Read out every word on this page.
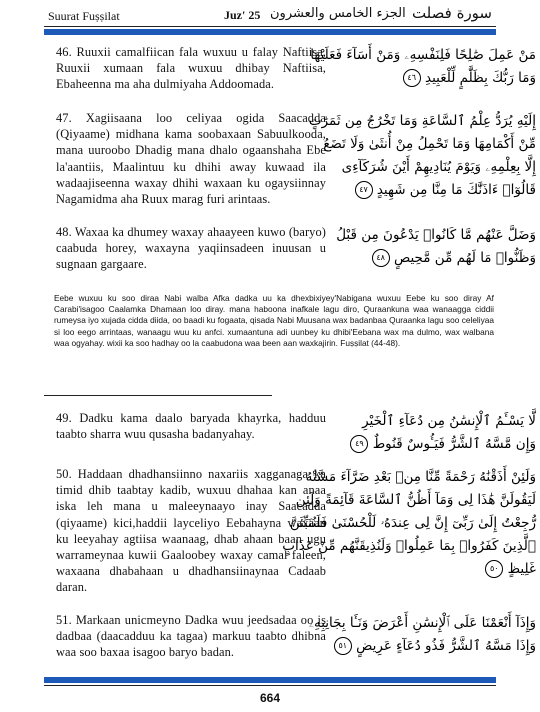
Suurat Fuṣṣilat	Juz' 25 الجزء الخامس والعشرون سورة فصلت
46. Ruuxii camalfiican fala wuxuu u falay Naftiisa, Ruuxii xumaan fala wuxuu dhibay Naftiisa, Ebaheenna ma aha dulmiyaha Addoomada.

مَنْ عَمِلَ صَٰلِحًا فَلِنَفْسِهِۦ وَمَنْ أَسَآءَ فَعَلَيْهَا

وَمَا رَبُّكَ بِظَلَّٰمٍ لِّلْعَبِيدِ ٤٦

47. Xagiisaana loo celiyaa ogida Saacadda (Qiyaame) midhana kama soobaxaan Sabuulkooda, mana uuroobo Dhadig mana dhalo ogaanshaha Ebe la'aantiis, Maalintuu ku dhihi away kuwaad ila wadaajiseenna waxay dhihi waxaan ku ogaysiinnay Nagamidma aha Ruux marag furi arintaas.

إِلَيْهِ يُرَدُّ عِلْمُ ٱلسَّاعَةِ وَمَا تَخْرُجُ مِن ثَمَرَٰتٍ

مِّنْ أَكْمَامِهَا وَمَا تَحْمِلُ مِنْ أُنثَىٰ وَلَا تَضَعُ

إِلَّا بِعِلْمِهِۦ وَيَوْمَ يُنَادِيهِمْ أَيْنَ شُرَكَآءِى

قَالُوٓا۟ ءَاذَنَّٰكَ مَا مِنَّا مِن شَهِيدٍ ٤٧

48. Waxaa ka dhumey waxay ahaayeen kuwo (baryo) caabuda horey, waxayna yaqiinsadeen inuusan u sugnaan gargaare.

وَضَلَّ عَنْهُم مَّا كَانُوا۟ يَدْعُونَ مِن قَبْلُ

وَظَنُّوا۟ مَا لَهُم مِّن مَّحِيصٍ ٤٨

Eebe wuxuu ku soo diraa Nabi walba Afka dadka uu ka dhexbixiyey'Nabigana wuxuu Eebe ku soo diray Af Carabi'isagoo Caalamka Dhamaan loo diray. mana haboona inafkale lagu diro, Quraankuna waa wanaagga ciddii rumeysa iyo xujada cidda diida, oo baadi ku fogaata, qisada Nabi Muusana wax badanbaa Quraanka lagu soo celeliyaa si loo eego arrintaas, wanaagu wuu ku anfci. xumaantuna adi uunbey ku dhibi'Eebana wax ma dulmo, wax walbana waa ogyahay. wixii ka soo hadhay oo la caabudona waa been aan waxkajirin. Fuṣṣilat (44-48).
49. Dadku kama daalo baryada khayrka, hadduu taabto sharra wuu qusasha badanyahay.

لَّا يَسْـَٔمُ ٱلْإِنسَٰنُ مِن دُعَآءِ ٱلْخَيْرِ

وَإِن مَّسَّهُ ٱلشَّرُّ فَيَـُٔوسٌ قَنُوطٌ ٤٩

50. Haddaan dhadhansiinno naxariis xagganaga ka timid dhib taabtay kadib, wuxuu dhahaa kan anaa iska leh mana u maleeynaayo inay Saacadda (qiyaame) kici,haddii layceliyo Eebahayna waxaan ku leeyahay agtiisa waanaag, dhab ahaan baan ugu warrameynaa kuwii Gaaloobey waxay camal faleen, waxaana dhabahaan u dhadhansiinaynaa Cadaab daran.

وَلَئِنْ أَذَقْنَٰهُ رَحْمَةً مِّنَّا مِنۢ بَعْدِ ضَرَّآءَ مَسَّتْهُ

لَيَقُولَنَّ هَٰذَا لِى وَمَآ أَظُنُّ ٱلسَّاعَةَ قَآئِمَةً وَلَئِن

رُّجِعْتُ إِلَىٰ رَبِّىٓ إِنَّ لِى عِندَهُۥ لَلْحُسْنَىٰ فَلَنُنَبِّئَنَّ

ٱلَّذِينَ كَفَرُوا۟ بِمَا عَمِلُوا۟ وَلَنُذِيقَنَّهُم مِّنْ عَذَابٍ

غَلِيظٍ ٥٠

51. Markaan unicmeyno Dadka wuu jeedsadaa oo is dadbaa (daacadduu ka tagaa) markuu taabto dhibna waa soo baxaa isagoo baryo badan.

وَإِذَآ أَنْعَمْنَا عَلَى ٱلْإِنسَٰنِ أَعْرَضَ وَنَـَٔا بِجَانِبِهِۦ

وَإِذَا مَسَّهُ ٱلشَّرُّ فَذُو دُعَآءٍ عَرِيضٍ ٥١

664
